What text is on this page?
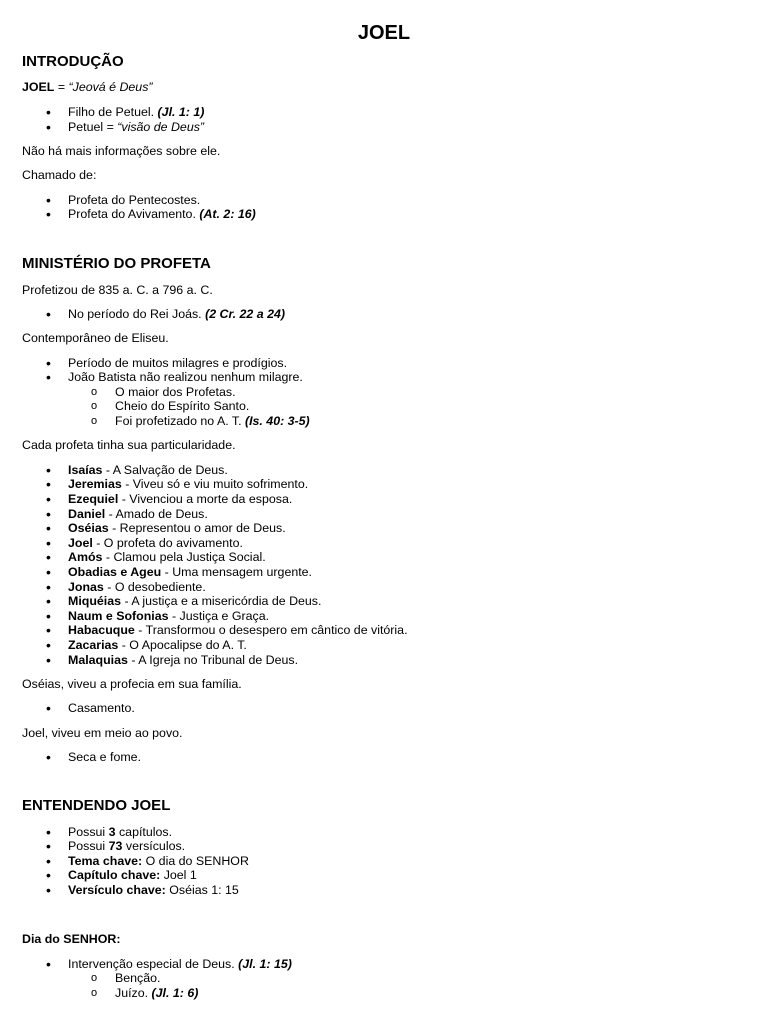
JOEL
INTRODUÇÃO
JOEL = “Jeová é Deus”
• Filho de Petuel. (Jl. 1: 1)
• Petuel = “visão de Deus”
Não há mais informações sobre ele.
Chamado de:
• Profeta do Pentecostes.
• Profeta do Avivamento. (At. 2: 16)
MINISTÉRIO DO PROFETA
Profetizou de 835 a. C. a 796 a. C.
• No período do Rei Joás. (2 Cr. 22 a 24)
Contemporâneo de Eliseu.
• Período de muitos milagres e prodígios.
• João Batista não realizou nenhum milagre.
o O maior dos Profetas.
o Cheio do Espírito Santo.
o Foi profetizado no A. T. (Is. 40: 3-5)
Cada profeta tinha sua particularidade.
• Isaías - A Salvação de Deus.
• Jeremias - Viveu só e viu muito sofrimento.
• Ezequiel - Vivenciou a morte da esposa.
• Daniel - Amado de Deus.
• Oséias - Representou o amor de Deus.
• Joel - O profeta do avivamento.
• Amós - Clamou pela Justiça Social.
• Obadias e Ageu - Uma mensagem urgente.
• Jonas - O desobediente.
• Miquéias - A justiça e a misericórdia de Deus.
• Naum e Sofonias - Justiça e Graça.
• Habacuque - Transformou o desespero em cântico de vitória.
• Zacarias - O Apocalipse do A. T.
• Malaquias - A Igreja no Tribunal de Deus.
Oséias, viveu a profecia em sua família.
• Casamento.
Joel, viveu em meio ao povo.
• Seca e fome.
ENTENDENDO JOEL
• Possui 3 capítulos.
• Possui 73 versículos.
• Tema chave: O dia do SENHOR
• Capítulo chave: Joel 1
• Versículo chave: Oséias 1: 15
Dia do SENHOR:
• Intervenção especial de Deus. (Jl. 1: 15)
o Benção.
o Juízo. (Jl. 1: 6)
